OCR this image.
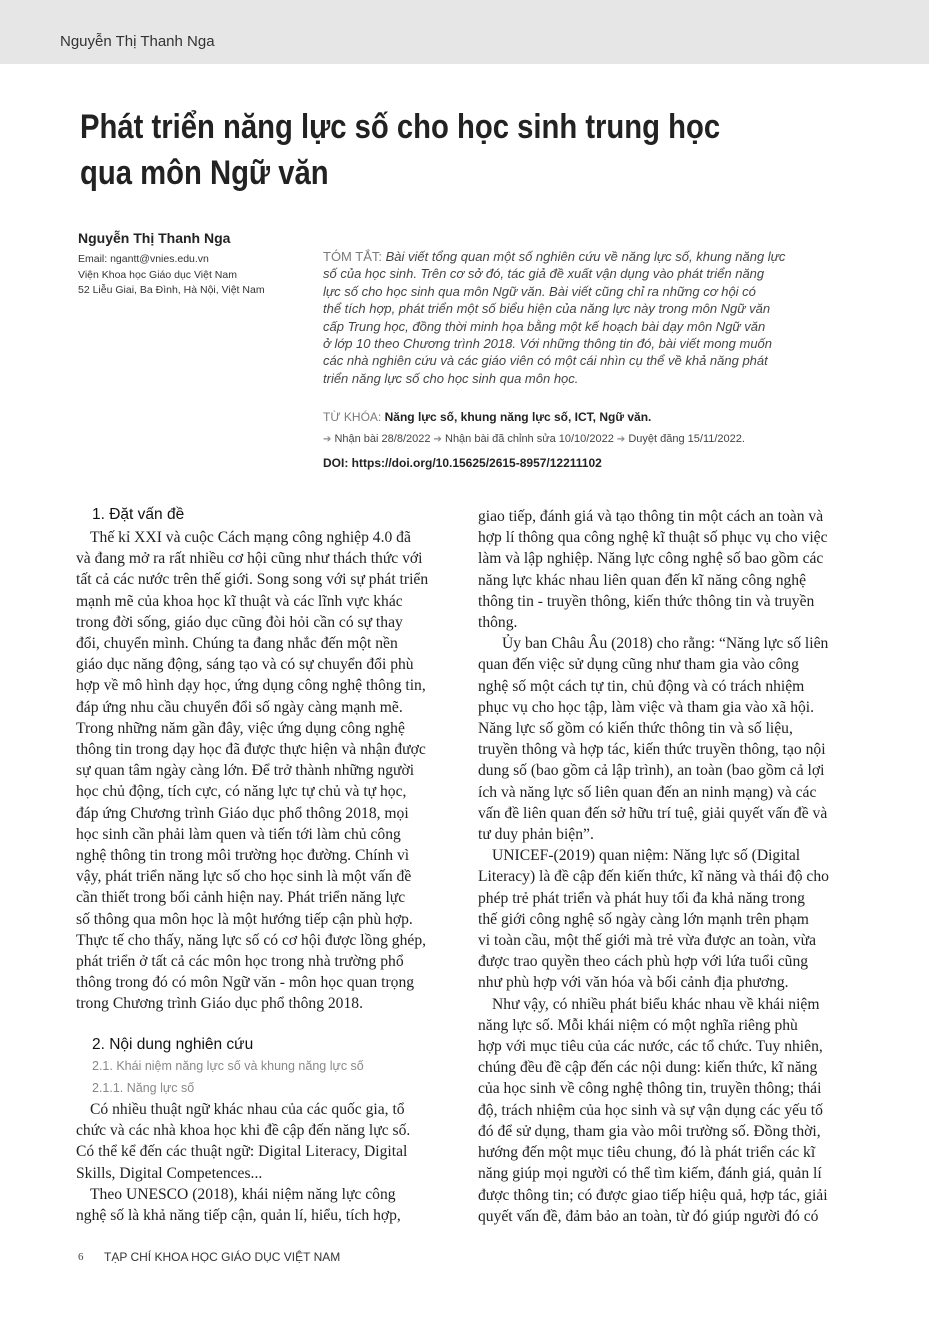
Nguyễn Thị Thanh Nga
Phát triển năng lực số cho học sinh trung học
qua môn Ngữ văn
Nguyễn Thị Thanh Nga
Email: ngantt@vnies.edu.vn
Viện Khoa học Giáo dục Việt Nam
52 Liễu Giai, Ba Đình, Hà Nội, Việt Nam
TÓM TẮT: Bài viết tổng quan một số nghiên cứu về năng lực số, khung năng lực
số của học sinh. Trên cơ sở đó, tác giả đề xuất vận dụng vào phát triển năng
lực số cho học sinh qua môn Ngữ văn. Bài viết cũng chỉ ra những cơ hội có
thể tích hợp, phát triển một số biểu hiện của năng lực này trong môn Ngữ văn
cấp Trung học, đồng thời minh họa bằng một kế hoạch bài dạy môn Ngữ văn
ở lớp 10 theo Chương trình 2018. Với những thông tin đó, bài viết mong muốn
các nhà nghiên cứu và các giáo viên có một cái nhìn cụ thể về khả năng phát
triển năng lực số cho học sinh qua môn học.
TỪ KHÓA: Năng lực số, khung năng lực số, ICT, Ngữ văn.
➔ Nhận bài 28/8/2022 ➔ Nhận bài đã chỉnh sửa 10/10/2022 ➔ Duyệt đăng 15/11/2022.
DOI: https://doi.org/10.15625/2615-8957/12211102
1. Đặt vấn đề
Thế kỉ XXI và cuộc Cách mạng công nghiệp 4.0 đã
và đang mở ra rất nhiều cơ hội cũng như thách thức với
tất cả các nước trên thế giới. Song song với sự phát triển
mạnh mẽ của khoa học kĩ thuật và các lĩnh vực khác
trong đời sống, giáo dục cũng đòi hỏi cần có sự thay
đổi, chuyển mình. Chúng ta đang nhắc đến một nền
giáo dục năng động, sáng tạo và có sự chuyển đổi phù
hợp về mô hình dạy học, ứng dụng công nghệ thông tin,
đáp ứng nhu cầu chuyển đổi số ngày càng mạnh mẽ.
Trong những năm gần đây, việc ứng dụng công nghệ
thông tin trong dạy học đã được thực hiện và nhận được
sự quan tâm ngày càng lớn. Để trở thành những người
học chủ động, tích cực, có năng lực tự chủ và tự học,
đáp ứng Chương trình Giáo dục phổ thông 2018, mọi
học sinh cần phải làm quen và tiến tới làm chủ công
nghệ thông tin trong môi trường học đường. Chính vì
vậy, phát triển năng lực số cho học sinh là một vấn đề
cần thiết trong bối cảnh hiện nay. Phát triển năng lực
số thông qua môn học là một hướng tiếp cận phù hợp.
Thực tế cho thấy, năng lực số có cơ hội được lồng ghép,
phát triển ở tất cả các môn học trong nhà trường phổ
thông trong đó có môn Ngữ văn - môn học quan trọng
trong Chương trình Giáo dục phổ thông 2018.
2. Nội dung nghiên cứu
2.1. Khái niệm năng lực số và khung năng lực số
2.1.1. Năng lực số
Có nhiều thuật ngữ khác nhau của các quốc gia, tổ
chức và các nhà khoa học khi đề cập đến năng lực số.
Có thể kể đến các thuật ngữ: Digital Literacy, Digital
Skills, Digital Competences...
Theo UNESCO (2018), khái niệm năng lực công
nghệ số là khả năng tiếp cận, quản lí, hiểu, tích hợp,
giao tiếp, đánh giá và tạo thông tin một cách an toàn và
hợp lí thông qua công nghệ kĩ thuật số phục vụ cho việc
làm và lập nghiệp. Năng lực công nghệ số bao gồm các
năng lực khác nhau liên quan đến kĩ năng công nghệ
thông tin - truyền thông, kiến thức thông tin và truyền
thông.
Ủy ban Châu Âu (2018) cho rằng: “Năng lực số liên
quan đến việc sử dụng cũng như tham gia vào công
nghệ số một cách tự tin, chủ động và có trách nhiệm
phục vụ cho học tập, làm việc và tham gia vào xã hội.
Năng lực số gồm có kiến thức thông tin và số liệu,
truyền thông và hợp tác, kiến thức truyền thông, tạo nội
dung số (bao gồm cả lập trình), an toàn (bao gồm cả lợi
ích và năng lực số liên quan đến an ninh mạng) và các
vấn đề liên quan đến sở hữu trí tuệ, giải quyết vấn đề và
tư duy phản biện”.
UNICEF-(2019) quan niệm: Năng lực số (Digital
Literacy) là đề cập đến kiến thức, kĩ năng và thái độ cho
phép trẻ phát triển và phát huy tối đa khả năng trong
thế giới công nghệ số ngày càng lớn mạnh trên phạm
vi toàn cầu, một thế giới mà trẻ vừa được an toàn, vừa
được trao quyền theo cách phù hợp với lứa tuổi cũng
như phù hợp với văn hóa và bối cảnh địa phương.
Như vậy, có nhiều phát biểu khác nhau về khái niệm
năng lực số. Mỗi khái niệm có một nghĩa riêng phù
hợp với mục tiêu của các nước, các tổ chức. Tuy nhiên,
chúng đều đề cập đến các nội dung: kiến thức, kĩ năng
của học sinh về công nghệ thông tin, truyền thông; thái
độ, trách nhiệm của học sinh và sự vận dụng các yếu tố
đó để sử dụng, tham gia vào môi trường số. Đồng thời,
hướng đến một mục tiêu chung, đó là phát triển các kĩ
năng giúp mọi người có thể tìm kiếm, đánh giá, quản lí
được thông tin; có được giao tiếp hiệu quả, hợp tác, giải
quyết vấn đề, đảm bảo an toàn, từ đó giúp người đó có
6 TẠP CHÍ KHOA HỌC GIÁO DỤC VIỆT NAM
